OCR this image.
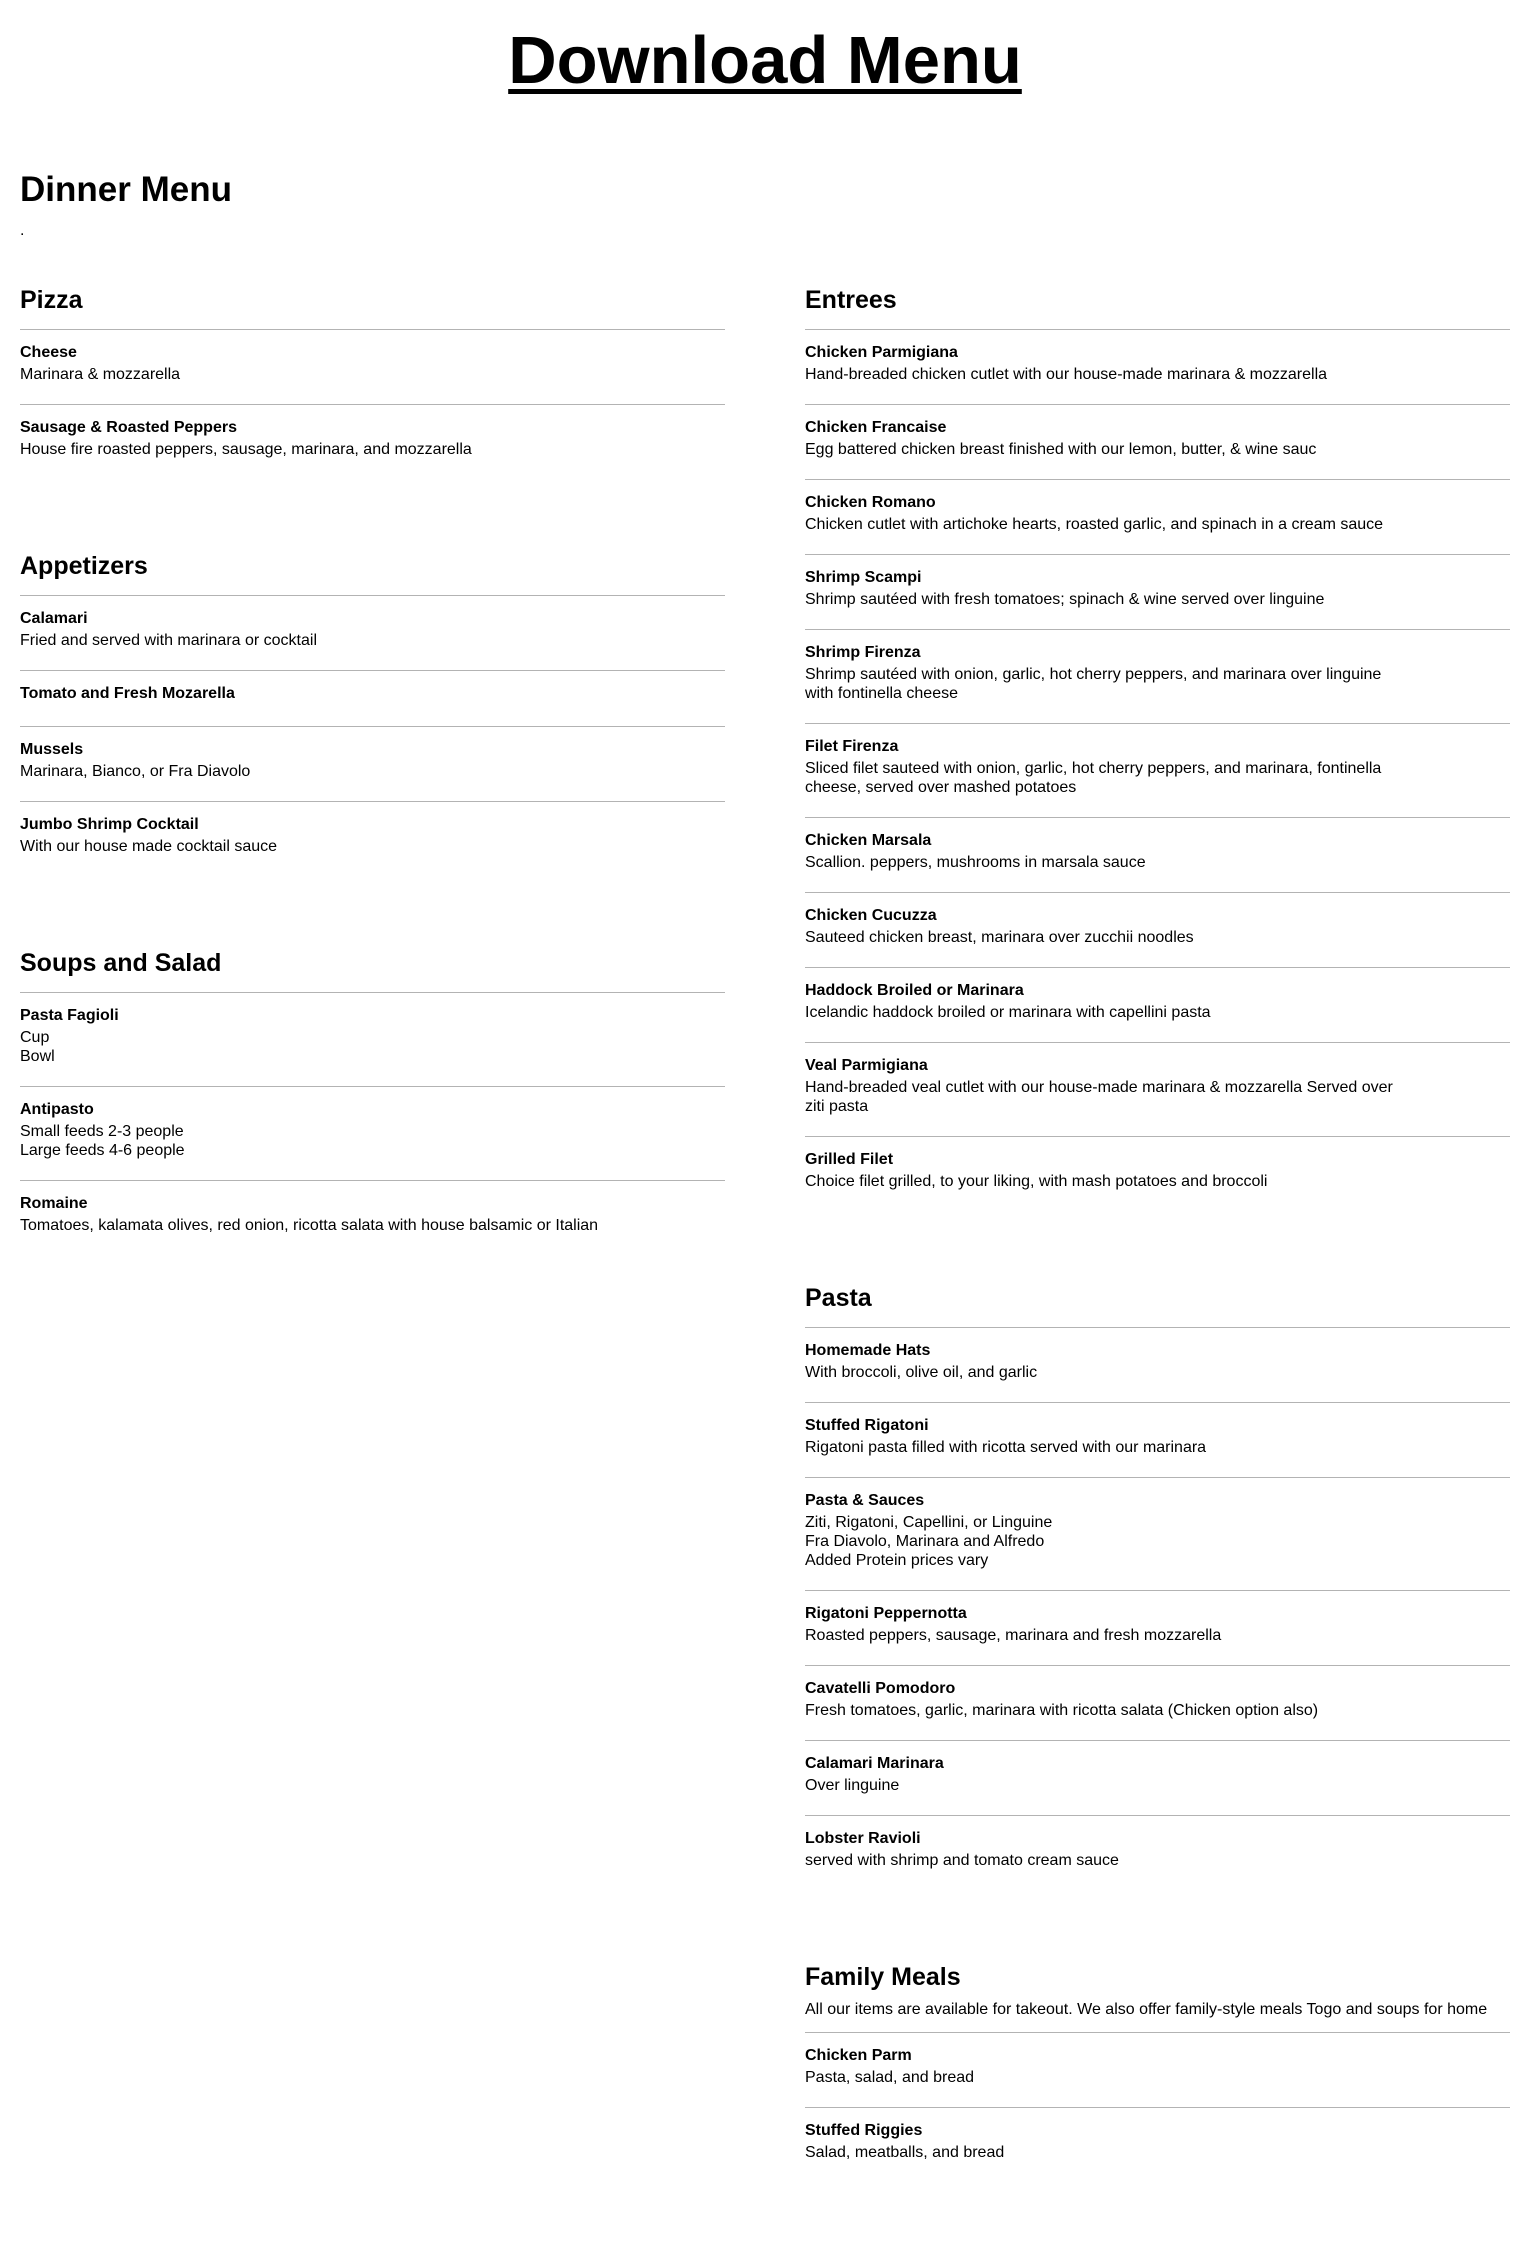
Download Menu
Dinner Menu
.
Pizza
Cheese
Marinara & mozzarella
Sausage & Roasted Peppers
House fire roasted peppers, sausage, marinara, and mozzarella
Appetizers
Calamari
Fried and served with marinara or cocktail
Tomato and Fresh Mozarella
Mussels
Marinara, Bianco, or Fra Diavolo
Jumbo Shrimp Cocktail
With our house made cocktail sauce
Soups and Salad
Pasta Fagioli
Cup
Bowl
Antipasto
Small feeds 2-3 people
Large feeds 4-6 people
Romaine
Tomatoes, kalamata olives, red onion, ricotta salata with house balsamic or Italian
Entrees
Chicken Parmigiana
Hand-breaded chicken cutlet with our house-made marinara & mozzarella
Chicken Francaise
Egg battered chicken breast finished with our lemon, butter, & wine sauc
Chicken Romano
Chicken cutlet with artichoke hearts, roasted garlic, and spinach in a cream sauce
Shrimp Scampi
Shrimp sautéed with fresh tomatoes; spinach & wine served over linguine
Shrimp Firenza
Shrimp sautéed with onion, garlic, hot cherry peppers, and marinara over linguine with fontinella cheese
Filet Firenza
Sliced filet sauteed with onion, garlic, hot cherry peppers, and marinara, fontinella cheese, served over mashed potatoes
Chicken Marsala
Scallion. peppers, mushrooms in marsala sauce
Chicken Cucuzza
Sauteed chicken breast, marinara over zucchii noodles
Haddock Broiled or Marinara
Icelandic haddock broiled or marinara with capellini pasta
Veal Parmigiana
Hand-breaded veal cutlet with our house-made marinara & mozzarella Served over ziti pasta
Grilled Filet
Choice filet grilled, to your liking, with mash potatoes and broccoli
Pasta
Homemade Hats
With broccoli, olive oil, and garlic
Stuffed Rigatoni
Rigatoni pasta filled with ricotta served with our marinara
Pasta & Sauces
Ziti, Rigatoni, Capellini, or Linguine
Fra Diavolo, Marinara and Alfredo
Added Protein prices vary
Rigatoni Peppernotta
Roasted peppers, sausage, marinara and fresh mozzarella
Cavatelli Pomodoro
Fresh tomatoes, garlic, marinara with ricotta salata (Chicken option also)
Calamari Marinara
Over linguine
Lobster Ravioli
served with shrimp and tomato cream sauce
Family Meals
All our items are available for takeout. We also offer family-style meals Togo and soups for home
Chicken Parm
Pasta, salad, and bread
Stuffed Riggies
Salad, meatballs, and bread
